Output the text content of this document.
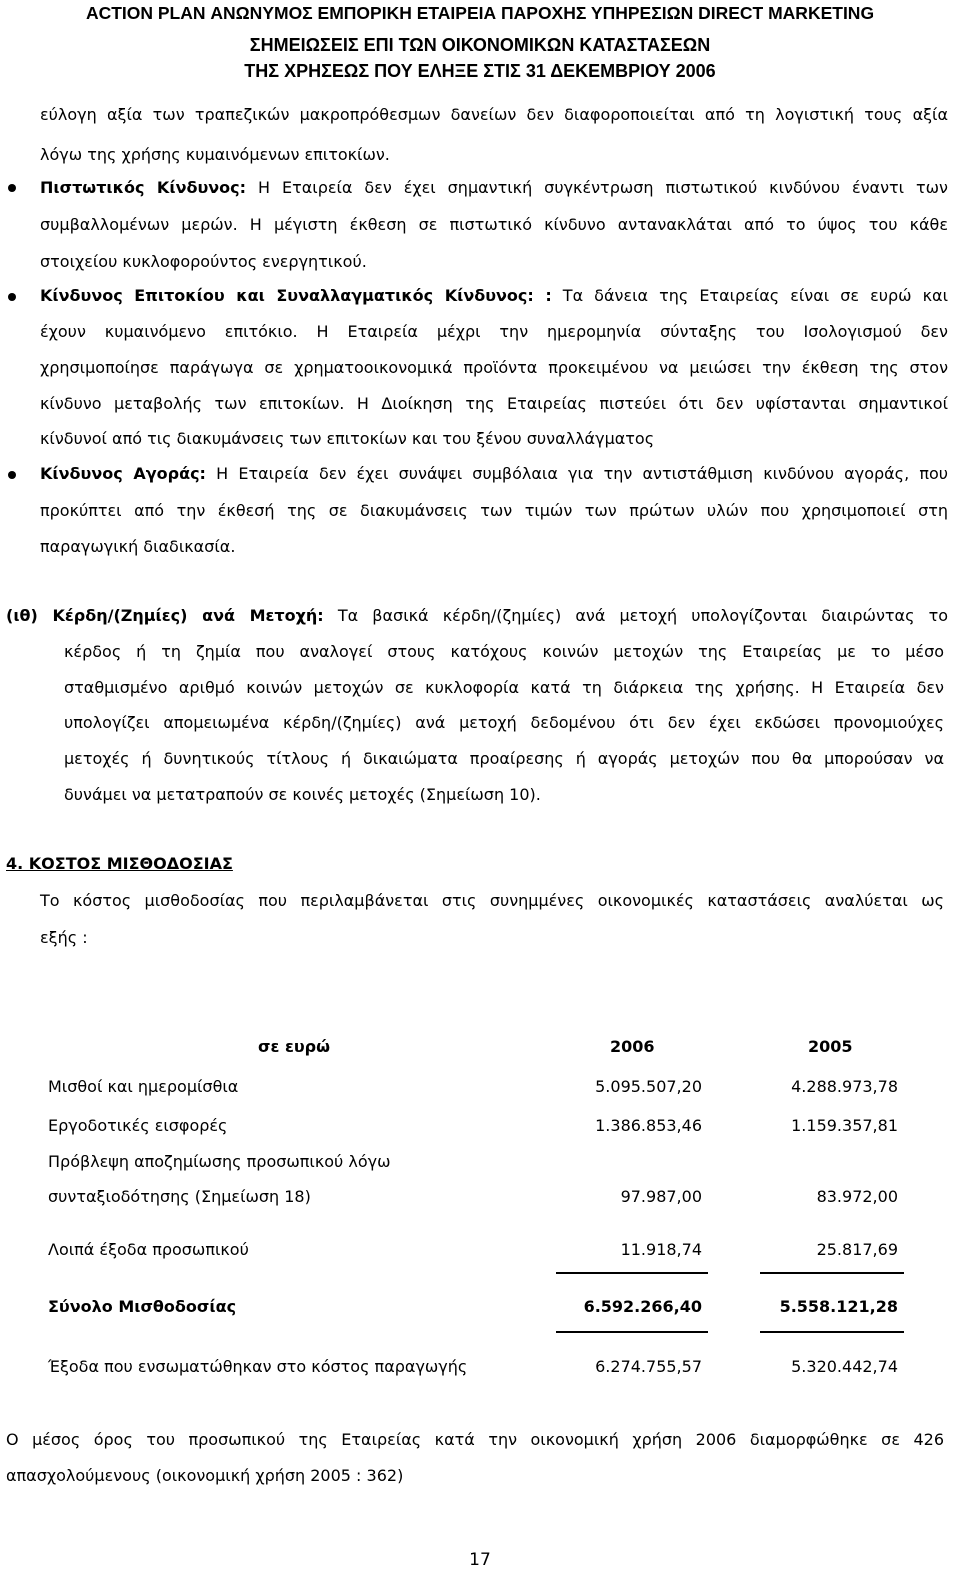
ACTION PLAN ΑΝΩΝΥΜΟΣ ΕΜΠΟΡΙΚΗ ΕΤΑΙΡΕΙΑ ΠΑΡΟΧΗΣ ΥΠΗΡΕΣΙΩΝ DIRECT MARKETING
ΣΗΜΕΙΩΣΕΙΣ ΕΠΙ ΤΩΝ ΟΙΚΟΝΟΜΙΚΩΝ ΚΑΤΑΣΤΑΣΕΩΝ
ΤΗΣ ΧΡΗΣΕΩΣ ΠΟΥ ΕΛΗΞΕ ΣΤΙΣ 31 ΔΕΚΕΜΒΡΙΟΥ 2006
εύλογη αξία των τραπεζικών μακροπρόθεσμων δανείων δεν διαφοροποιείται από τη λογιστική τους αξία
λόγω της χρήσης κυμαινόμενων επιτοκίων.
Πιστωτικός Κίνδυνος: Η Εταιρεία δεν έχει σημαντική συγκέντρωση πιστωτικού κινδύνου έναντι των
συμβαλλομένων μερών. Η μέγιστη έκθεση σε πιστωτικό κίνδυνο αντανακλάται από το ύψος του κάθε
στοιχείου κυκλοφορούντος ενεργητικού.
Κίνδυνος Επιτοκίου και Συναλλαγματικός Κίνδυνος: : Τα δάνεια της Εταιρείας είναι σε ευρώ και
έχουν κυμαινόμενο επιτόκιο. Η Εταιρεία μέχρι την ημερομηνία σύνταξης του Ισολογισμού δεν
χρησιμοποίησε παράγωγα σε χρηματοοικονομικά προϊόντα προκειμένου να μειώσει την έκθεση της στον
κίνδυνο μεταβολής των επιτοκίων. Η Διοίκηση της Εταιρείας πιστεύει ότι δεν υφίστανται σημαντικοί
κίνδυνοί από τις διακυμάνσεις των επιτοκίων και του ξένου συναλλάγματος
Κίνδυνος Αγοράς: Η Εταιρεία δεν έχει συνάψει συμβόλαια για την αντιστάθμιση κινδύνου αγοράς, που
προκύπτει από την έκθεσή της σε διακυμάνσεις των τιμών των πρώτων υλών που χρησιμοποιεί στη
παραγωγική διαδικασία.
(ιθ) Κέρδη/(Ζημίες) ανά Μετοχή: Τα βασικά κέρδη/(ζημίες) ανά μετοχή υπολογίζονται διαιρώντας το
κέρδος ή τη ζημία που αναλογεί στους κατόχους κοινών μετοχών της Εταιρείας με το μέσο
σταθμισμένο αριθμό κοινών μετοχών σε κυκλοφορία κατά τη διάρκεια της χρήσης. Η Εταιρεία δεν
υπολογίζει απομειωμένα κέρδη/(ζημίες) ανά μετοχή δεδομένου ότι δεν έχει εκδώσει προνομιούχες
μετοχές ή δυνητικούς τίτλους ή δικαιώματα προαίρεσης ή αγοράς μετοχών που θα μπορούσαν να
δυνάμει να μετατραπούν σε κοινές μετοχές (Σημείωση 10).
4. ΚΟΣΤΟΣ ΜΙΣΘΟΔΟΣΙΑΣ
Το κόστος μισθοδοσίας που περιλαμβάνεται στις συνημμένες οικονομικές καταστάσεις αναλύεται ως
εξής :
σε ευρώ	2006	2005
Μισθοί και ημερομίσθια	5.095.507,20	4.288.973,78
Εργοδοτικές εισφορές	1.386.853,46	1.159.357,81
Πρόβλεψη αποζημίωσης προσωπικού λόγω
συνταξιοδότησης (Σημείωση 18)	97.987,00	83.972,00
Λοιπά έξοδα προσωπικού	11.918,74	25.817,69
Σύνολο Μισθοδοσίας	6.592.266,40	5.558.121,28
Έξοδα που ενσωματώθηκαν στο κόστος παραγωγής	6.274.755,57	5.320.442,74
Ο μέσος όρος του προσωπικού της Εταιρείας κατά την οικονομική χρήση 2006 διαμορφώθηκε σε 426
απασχολούμενους (οικονομική χρήση 2005 : 362)
17
